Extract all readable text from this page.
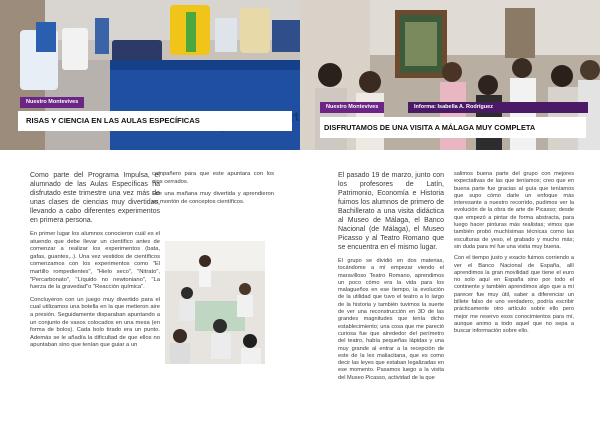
Divertidas
Nuestro Montevives
RISAS Y CIENCIA EN LAS AULAS ESPECÍFICAS

Como parte del Programa Impulsa, el alumnado de las Aulas Específicas ha disfrutado este trimestre una vez más de unas clases de ciencias muy divertidas, llevando a cabo diferentes experimentos en primera persona.

En primer lugar los alumnos conocieron cuál es el atuendo que debe llevar un científico antes de comenzar a realizar los experimentos (bata, gafas, guantes,..). Una vez vestidos de científicos comenzamos con los experimentos como "El martillo rompedientes", "Hielo seco", "Nitrato", "Percarbonato", "Líquido no newtoniano", "La fuerza de la gravedad"o "Reacción química".

Concluyeron con un juego muy divertido para el cual utilizamos una botella en la que metieron aire a presión. Seguidamente disparaban apuntando a un conjunto de vasos colocados en una mesa (en forma de bolos). Cada bolo tirado era un punto. Además se le añadía la dificultad de que ellos no apuntaban sino que tenían que guiar a un

compañero para que este apuntara con los ojos cerrados.

Fue una mañana muy divertida y aprendieron un montón de conceptos científicos.

Nuestro Montevives	Informa: Isabella A. Rodríguez
DISFRUTAMOS DE UNA VISITA A MÁLAGA MUY COMPLETA

El pasado 19 de marzo, junto con los profesores de Latín, Patrimonio, Economía e Historia fuimos los alumnos de primero de Bachillerato a una visita didáctica al Museo de Málaga, el Banco Nacional (de Málaga), el Museo Picasso y al Teatro Romano que se encuentra en el mismo lugar.

El grupo se dividió en dos materias, tocándome a mí empezar viendo el maravilloso Teatro Romano, aprendimos un poco cómo era la vida para los malagueños en ese tiempo, la evolución de la utilidad que tuvo el teatro a lo largo de la historia y también tuvimos la suerte de ver una reconstrucción en 3D de las grandes magnitudes que tenía dicho establecimiento; una cosa que me pareció curiosa fue que alrededor del perímetro del teatro, había pequeñas lápidas y una muy grande al entrar a la recepción de este de la lex maliacitana, que es como decir las leyes que estaban legalizadas en ese momento. Pasamos luego a la visita del Museo Picasso, actividad de la que

salimos buena parte del grupo con mejores expectativas de las que teníamos; creo que en buena parte fue gracias al guía que teníamos que supo cómo darle un enfoque más interesante a nuestro recorrido, pudimos ver la evolución de la obra de arte de Picasso; desde que empezó a pintar de forma abstracta, para luego hacer pinturas más realistas; vimos que también probó muchísimas técnicas como las esculturas de yeso, el grabado y mucho más; sin duda para mí fue una visita muy buena.

Con el tiempo justo y exacto fuimos corriendo a ver el Banco Nacional de España, allí aprendimos la gran movilidad que tiene el euro no solo aquí en España sino por todo el continente y también aprendimos algo que a mí parecer fue muy útil, saber a diferenciar un billete falso de uno verdadero, podría escribir prácticamente otro artículo sobre ello pero mejor me reservo esos conocimientos para mí, aunque animo a todo aquel que no sepa a buscar información sobre ello.
